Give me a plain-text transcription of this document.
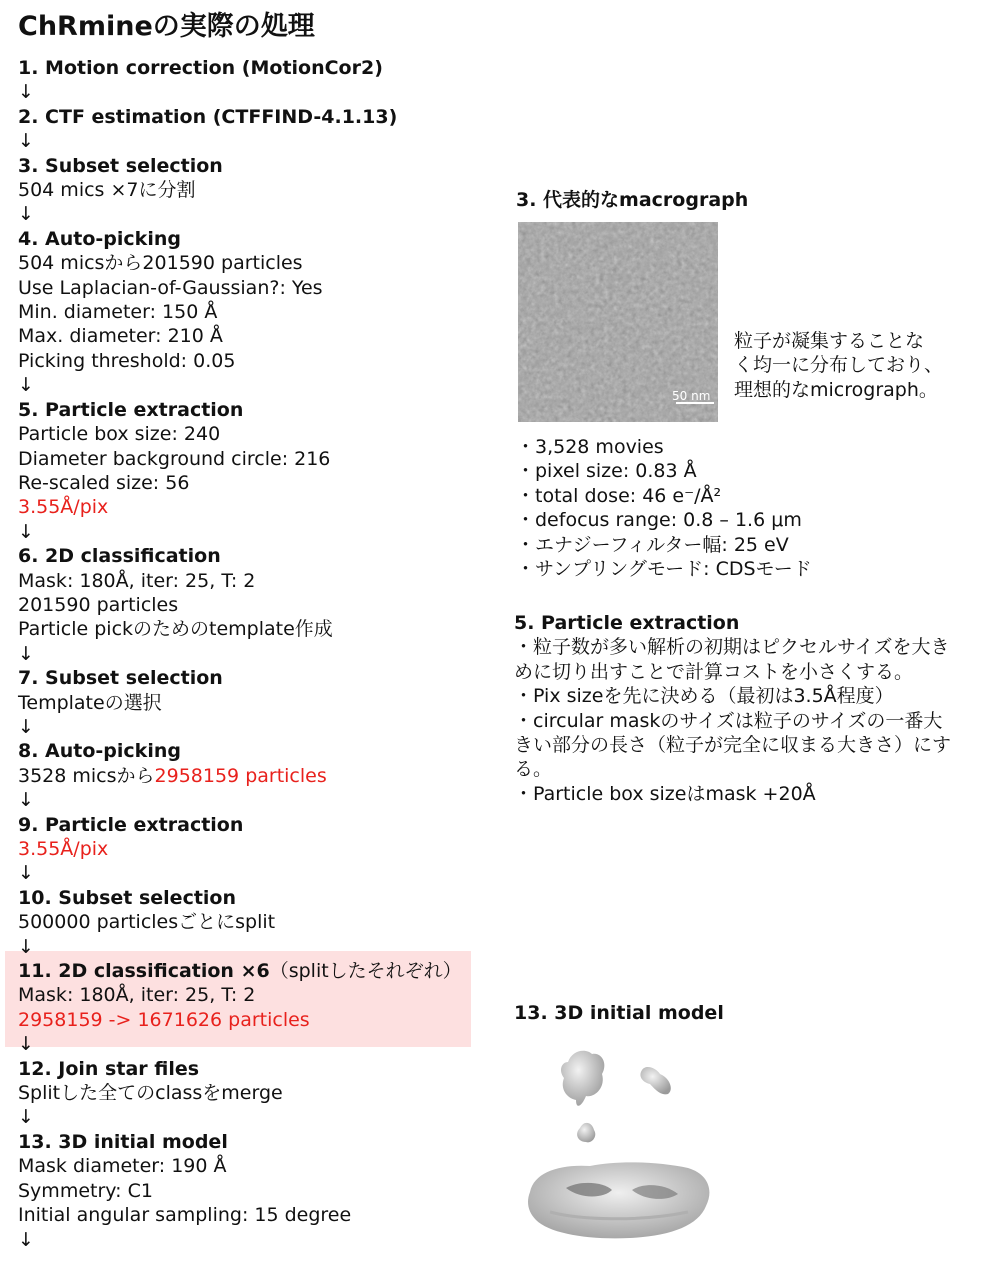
ChRmineの実際の処理
1. Motion correction (MotionCor2)
↓
2. CTF estimation (CTFFIND-4.1.13)
↓
3. Subset selection
504 mics ×7に分割
↓
4. Auto-picking
504 micsから201590 particles
Use Laplacian-of-Gaussian?: Yes
Min. diameter: 150 Å
Max. diameter: 210 Å
Picking threshold: 0.05
↓
5. Particle extraction
Particle box size: 240
Diameter background circle: 216
Re-scaled size: 56
3.55Å/pix
↓
6. 2D classification
Mask: 180Å, iter: 25, T: 2
201590 particles
Particle pickのためのtemplate作成
↓
7. Subset selection
Templateの選択
↓
8. Auto-picking
3528 micsから2958159 particles
↓
9. Particle extraction
3.55Å/pix
↓
10. Subset selection
500000 particlesごとにsplit
↓
11. 2D classification ×6（splitしたそれぞれ）
Mask: 180Å, iter: 25, T: 2
2958159 -> 1671626 particles
↓
12. Join star files
Splitした全てのclassをmerge
↓
13. 3D initial model
Mask diameter: 190 Å
Symmetry: C1
Initial angular sampling: 15 degree
↓
3. 代表的なmacrograph
50 nm
粒子が凝集することな
く均一に分布しており、
理想的なmicrograph。
・3,528 movies
・pixel size: 0.83 Å
・total dose: 46 e⁻/Å²
・defocus range: 0.8 – 1.6 μm
・エナジーフィルター幅: 25 eV
・サンプリングモード: CDSモード
5. Particle extraction
・粒子数が多い解析の初期はピクセルサイズを大き
めに切り出すことで計算コストを小さくする。
・Pix sizeを先に決める（最初は3.5Å程度）
・circular maskのサイズは粒子のサイズの一番大
きい部分の長さ（粒子が完全に収まる大きさ）にす
る。
・Particle box sizeはmask +20Å
13. 3D initial model
